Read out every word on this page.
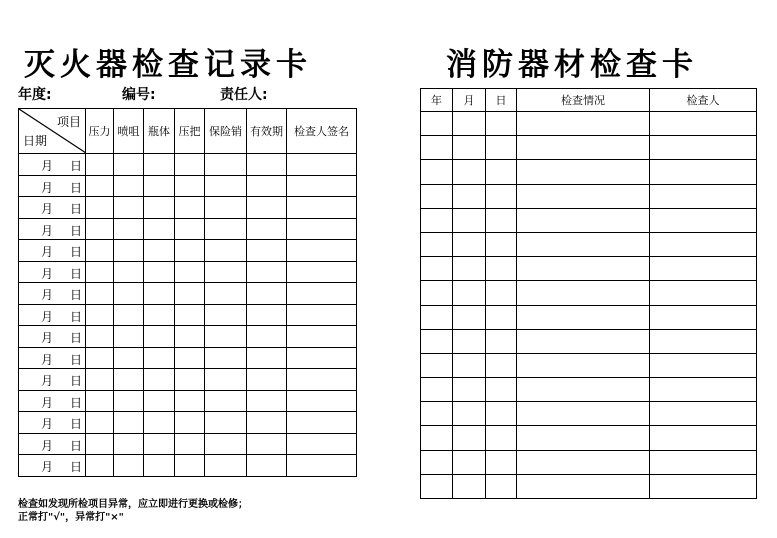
灭火器检查记录卡	消防器材检查卡
年度:	编号:	责任人:
项目
日期	压力	喷咀	瓶体	压把	保险销	有效期	检查人签名

月 日							

月 日							

月 日							

月 日							

月 日							

月 日							

月 日							

月 日							

月 日							

月 日							

月 日							

月 日							

月 日							

月 日							

月 日							

年	月	日	检查情况	检查人

检查如发现所检项目异常，应立即进行更换或检修；
正常打"√"，异常打"×"
